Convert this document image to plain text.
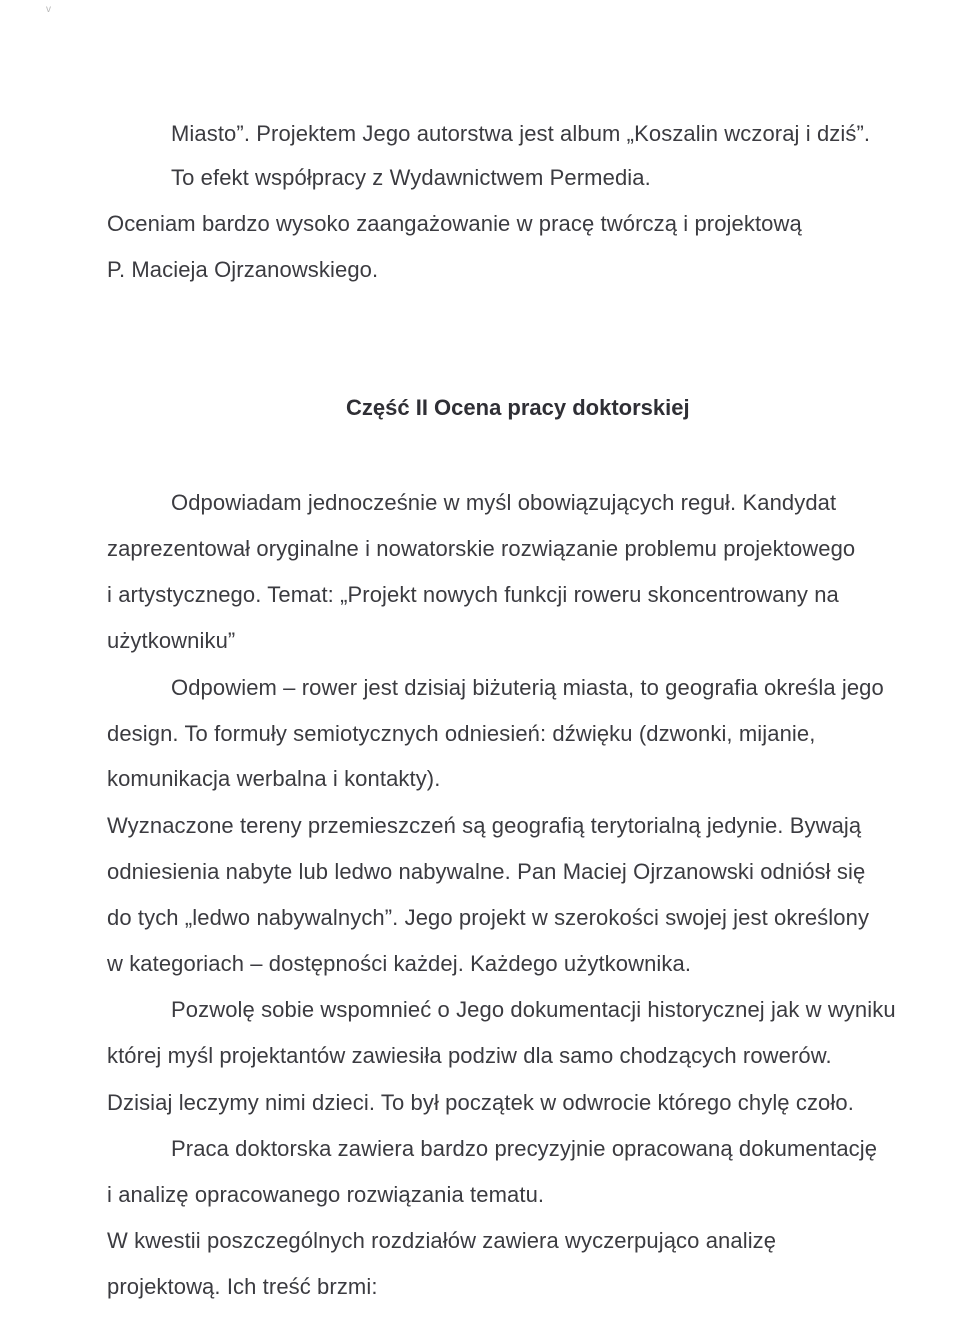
v
Miasto”. Projektem Jego autorstwa jest album „Koszalin wczoraj i dziś”.
To efekt współpracy z Wydawnictwem Permedia.
Oceniam bardzo wysoko zaangażowanie w pracę twórczą i projektową
P. Macieja Ojrzanowskiego.
Część II Ocena pracy doktorskiej
Odpowiadam jednocześnie w myśl obowiązujących reguł. Kandydat
zaprezentował oryginalne i nowatorskie rozwiązanie problemu projektowego
i artystycznego. Temat: „Projekt nowych funkcji roweru skoncentrowany na
użytkowniku”
Odpowiem – rower jest dzisiaj biżuterią miasta, to geografia określa jego
design. To formuły semiotycznych odniesień: dźwięku (dzwonki, mijanie,
komunikacja werbalna i kontakty).
Wyznaczone tereny przemieszczeń są geografią terytorialną jedynie. Bywają
odniesienia nabyte lub ledwo nabywalne. Pan Maciej Ojrzanowski odniósł się
do tych „ledwo nabywalnych”. Jego projekt w szerokości swojej jest określony
w kategoriach – dostępności każdej. Każdego użytkownika.
Pozwolę sobie wspomnieć o Jego dokumentacji historycznej jak w wyniku
której myśl projektantów zawiesiła podziw dla samo chodzących rowerów.
Dzisiaj leczymy nimi dzieci. To był początek w odwrocie którego chylę czoło.
Praca doktorska zawiera bardzo precyzyjnie opracowaną dokumentację
i analizę opracowanego rozwiązania tematu.
W kwestii poszczególnych rozdziałów zawiera wyczerpująco analizę
projektową. Ich treść brzmi:
